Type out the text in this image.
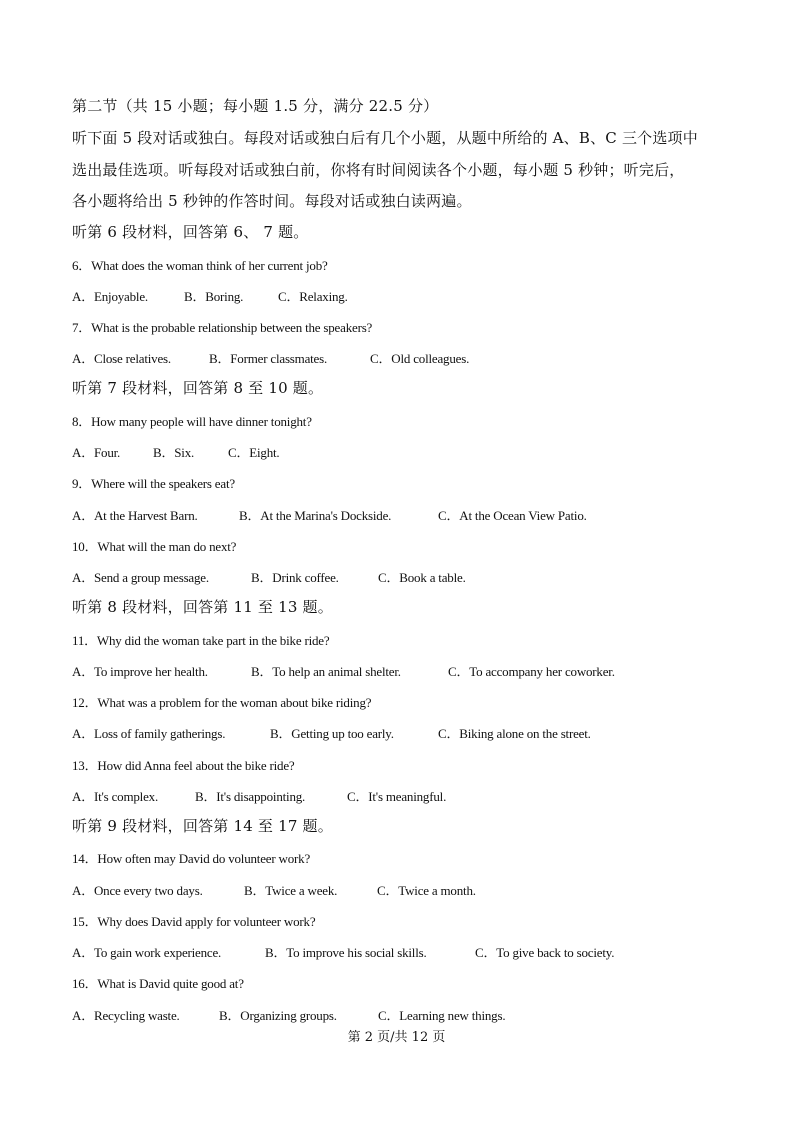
第二节（共 15 小题；每小题 1.5 分，满分 22.5 分）
听下面 5 段对话或独白。每段对话或独白后有几个小题，从题中所给的 A、B、C 三个选项中
选出最佳选项。听每段对话或独白前，你将有时间阅读各个小题，每小题 5 秒钟；听完后，
各小题将给出 5 秒钟的作答时间。每段对话或独白读两遍。
听第 6 段材料，回答第 6、 7 题。
6．What does the woman think of her current job?
A．Enjoyable.	B．Boring.	C．Relaxing.
7．What is the probable relationship between the speakers?
A．Close relatives.	B．Former classmates.	C．Old colleagues.
听第 7 段材料，回答第 8 至 10 题。
8．How many people will have dinner tonight?
A．Four.	B．Six.	C．Eight.
9．Where will the speakers eat?
A．At the Harvest Barn.	B．At the Marina's Dockside.	C．At the Ocean View Patio.
10．What will the man do next?
A．Send a group message.	B．Drink coffee.	C．Book a table.
听第 8 段材料，回答第 11 至 13 题。
11．Why did the woman take part in the bike ride?
A．To improve her health.	B．To help an animal shelter.	C．To accompany her coworker.
12．What was a problem for the woman about bike riding?
A．Loss of family gatherings.	B．Getting up too early.	C．Biking alone on the street.
13．How did Anna feel about the bike ride?
A．It's complex.	B．It's disappointing.	C．It's meaningful.
听第 9 段材料，回答第 14 至 17 题。
14．How often may David do volunteer work?
A．Once every two days.	B．Twice a week.	C．Twice a month.
15．Why does David apply for volunteer work?
A．To gain work experience.	B．To improve his social skills.	C．To give back to society.
16．What is David quite good at?
A．Recycling waste.	B．Organizing groups.	C．Learning new things.
第 2 页/共 12 页
